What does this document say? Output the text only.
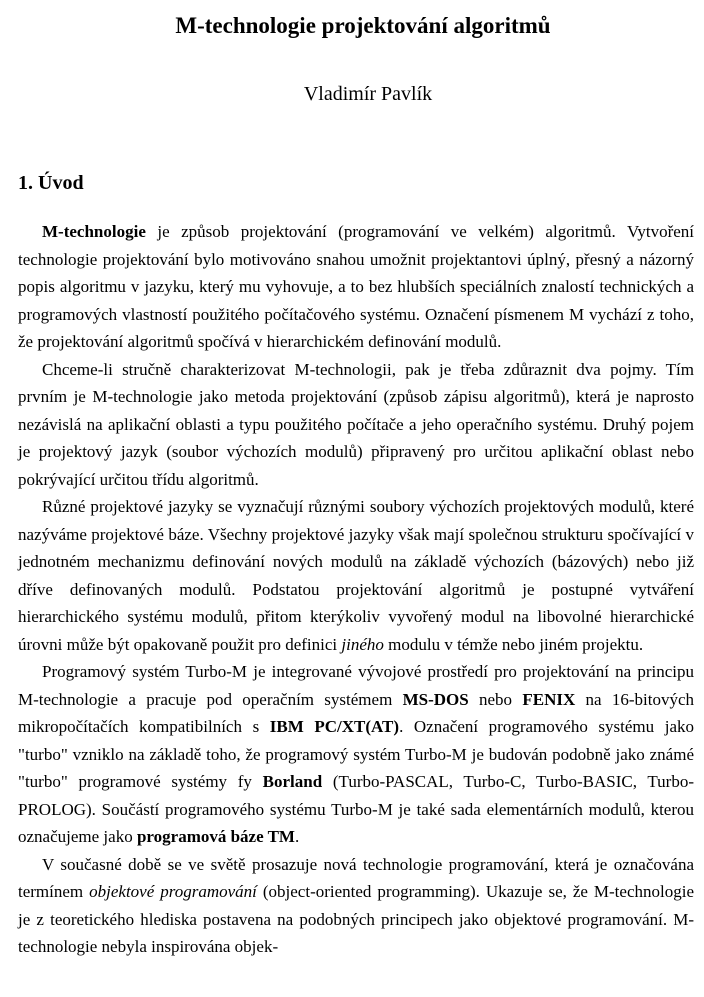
M-technologie projektování algoritmů
Vladimír Pavlík
1. Úvod

M-technologie je způsob projektování (programování ve velkém) algoritmů. Vytvoření technologie projektování bylo motivováno snahou umožnit projektantovi úplný, přesný a názorný popis algoritmu v jazyku, který mu vyhovuje, a to bez hlubších speciálních znalostí technických a programových vlastností použitého počítačového systému. Označení písmenem M vychází z toho, že projektování algoritmů spočívá v hierarchickém definování modulů.

Chceme-li stručně charakterizovat M-technologii, pak je třeba zdůraznit dva pojmy. Tím prvním je M-technologie jako metoda projektování (způsob zápisu algoritmů), která je naprosto nezávislá na aplikační oblasti a typu použitého počítače a jeho operačního systému. Druhý pojem je projektový jazyk (soubor výchozích modulů) připravený pro určitou aplikační oblast nebo pokrývající určitou třídu algoritmů.

Různé projektové jazyky se vyznačují různými soubory výchozích projektových modulů, které nazýváme projektové báze. Všechny projektové jazyky však mají společnou strukturu spočívající v jednotném mechanizmu definování nových modulů na základě výchozích (bázových) nebo již dříve definovaných modulů. Podstatou projektování algoritmů je postupné vytváření hierarchického systému modulů, přitom kterýkoliv vyvořený modul na libovolné hierarchické úrovni může být opakovaně použit pro definici jiného modulu v témže nebo jiném projektu.

Programový systém Turbo-M je integrované vývojové prostředí pro projektování na principu M-technologie a pracuje pod operačním systémem MS-DOS nebo FENIX na 16-bitových mikropočítačích kompatibilních s IBM PC/XT(AT). Označení programového systému jako "turbo" vzniklo na základě toho, že programový systém Turbo-M je budován podobně jako známé "turbo" programové systémy fy Borland (Turbo-PASCAL, Turbo-C, Turbo-BASIC, Turbo-PROLOG). Součástí programového systému Turbo-M je také sada elementárních modulů, kterou označujeme jako programová báze TM.

V současné době se ve světě prosazuje nová technologie programování, která je označována termínem objektové programování (object-oriented programming). Ukazuje se, že M-technologie je z teoretického hlediska postavena na podobných principech jako objektové programování. M-technologie nebyla inspirována objek-
